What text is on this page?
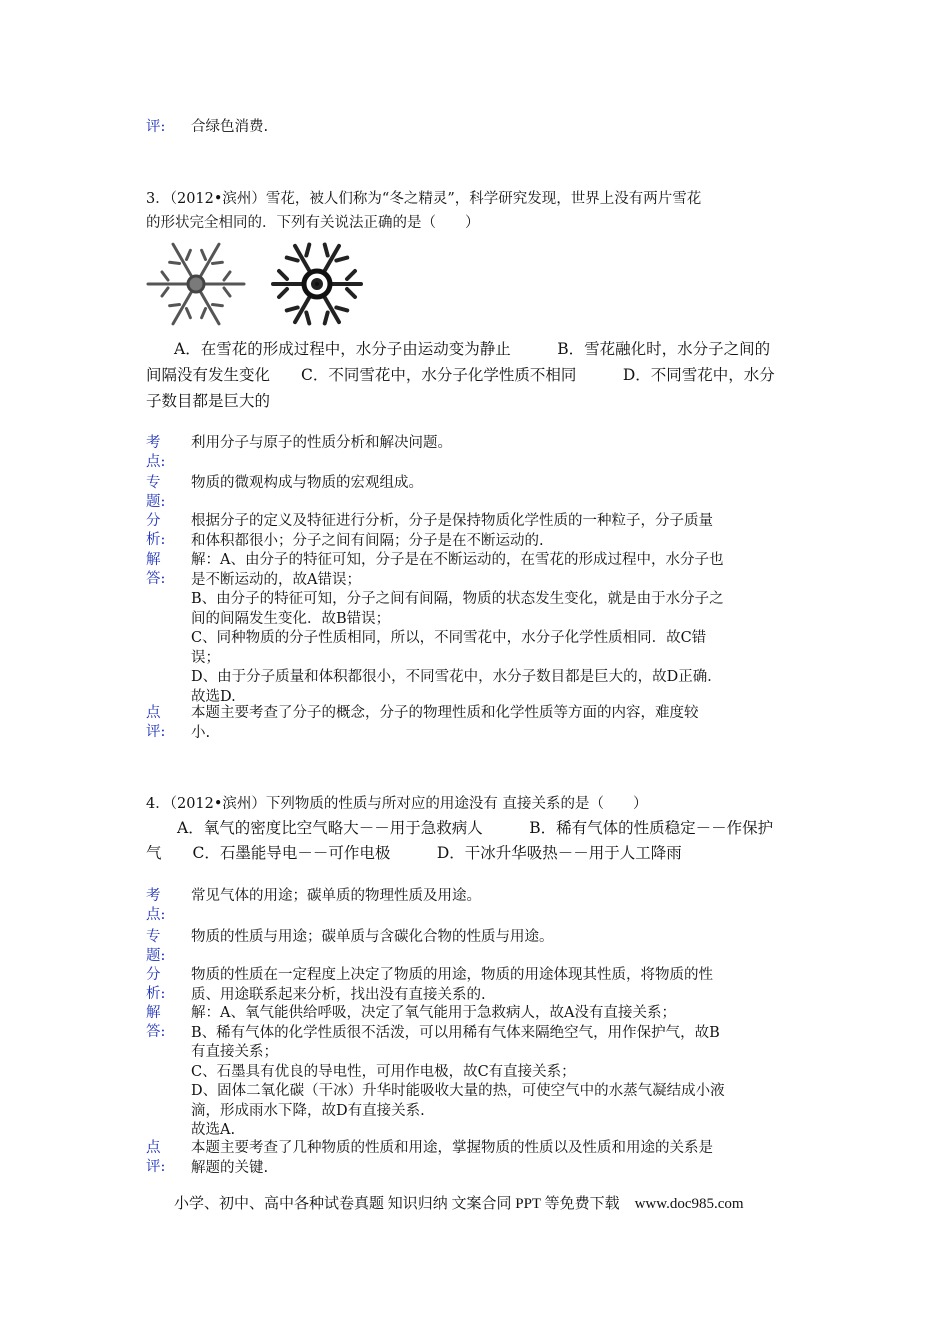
评: 合绿色消费.
3．（2012•滨州）雪花，被人们称为“冬之精灵”，科学研究发现，世界上没有两片雪花
的形状完全相同的．下列有关说法正确的是（　　）
A．在雪花的形成过程中，水分子由运动变为静止　　　B．雪花融化时，水分子之间的
间隔没有发生变化　　C．不同雪花中，水分子化学性质不相同　　　D．不同雪花中，水分
子数目都是巨大的
考
点:
利用分子与原子的性质分析和解决问题。
专
题:
物质的微观构成与物质的宏观组成。
分
析:
根据分子的定义及特征进行分析，分子是保持物质化学性质的一种粒子，分子质量
和体积都很小；分子之间有间隔；分子是在不断运动的.
解
答:
解：A、由分子的特征可知，分子是在不断运动的，在雪花的形成过程中，水分子也
是不断运动的，故A错误；
B、由分子的特征可知，分子之间有间隔，物质的状态发生变化，就是由于水分子之
间的间隔发生变化．故B错误；
C、同种物质的分子性质相同，所以，不同雪花中，水分子化学性质相同．故C错
误；
D、由于分子质量和体积都很小，不同雪花中，水分子数目都是巨大的，故D正确．
故选D.
点
评:
本题主要考查了分子的概念，分子的物理性质和化学性质等方面的内容，难度较
小.
4．（2012•滨州）下列物质的性质与所对应的用途没有 直接关系的是（　　）
　　A．氧气的密度比空气略大－－用于急救病人　　　B．稀有气体的性质稳定－－作保护
气　　C．石墨能导电－－可作电极　　　D．干冰升华吸热－－用于人工降雨
考
点:
常见气体的用途；碳单质的物理性质及用途。
专
题:
物质的性质与用途；碳单质与含碳化合物的性质与用途。
分
析:
物质的性质在一定程度上决定了物质的用途，物质的用途体现其性质，将物质的性
质、用途联系起来分析，找出没有直接关系的.
解
答:
解：A、氧气能供给呼吸，决定了氧气能用于急救病人，故A没有直接关系；
B、稀有气体的化学性质很不活泼，可以用稀有气体来隔绝空气，用作保护气，故B
有直接关系；
C、石墨具有优良的导电性，可用作电极，故C有直接关系；
D、固体二氧化碳（干冰）升华时能吸收大量的热，可使空气中的水蒸气凝结成小液
滴，形成雨水下降，故D有直接关系.
故选A.
点
评:
本题主要考查了几种物质的性质和用途，掌握物质的性质以及性质和用途的关系是
解题的关键.
小学、初中、高中各种试卷真题 知识归纳 文案合同 PPT 等免费下载　www.doc985.com
